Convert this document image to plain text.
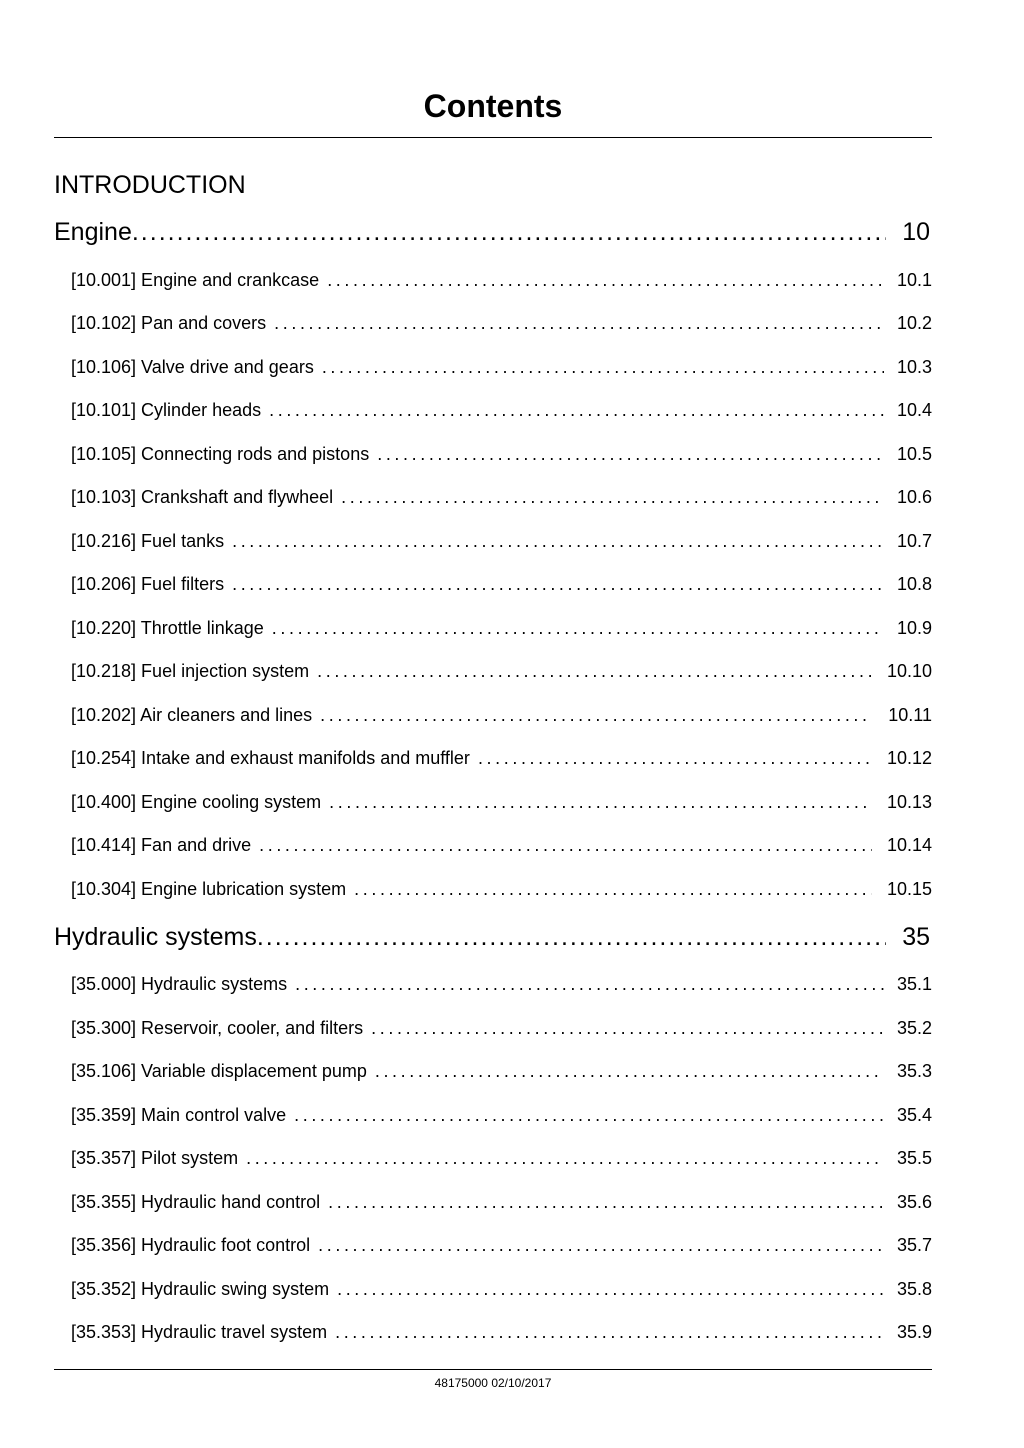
Contents
INTRODUCTION
Engine .....	10
[10.001] Engine and crankcase .....	10.1
[10.102] Pan and covers .....	10.2
[10.106] Valve drive and gears .....	10.3
[10.101] Cylinder heads .....	10.4
[10.105] Connecting rods and pistons .....	10.5
[10.103] Crankshaft and flywheel .....	10.6
[10.216] Fuel tanks .....	10.7
[10.206] Fuel filters .....	10.8
[10.220] Throttle linkage .....	10.9
[10.218] Fuel injection system .....	10.10
[10.202] Air cleaners and lines .....	10.11
[10.254] Intake and exhaust manifolds and muffler .....	10.12
[10.400] Engine cooling system .....	10.13
[10.414] Fan and drive .....	10.14
[10.304] Engine lubrication system .....	10.15
Hydraulic systems .....	35
[35.000] Hydraulic systems .....	35.1
[35.300] Reservoir, cooler, and filters .....	35.2
[35.106] Variable displacement pump .....	35.3
[35.359] Main control valve .....	35.4
[35.357] Pilot system .....	35.5
[35.355] Hydraulic hand control .....	35.6
[35.356] Hydraulic foot control .....	35.7
[35.352] Hydraulic swing system .....	35.8
[35.353] Hydraulic travel system .....	35.9
48175000 02/10/2017
